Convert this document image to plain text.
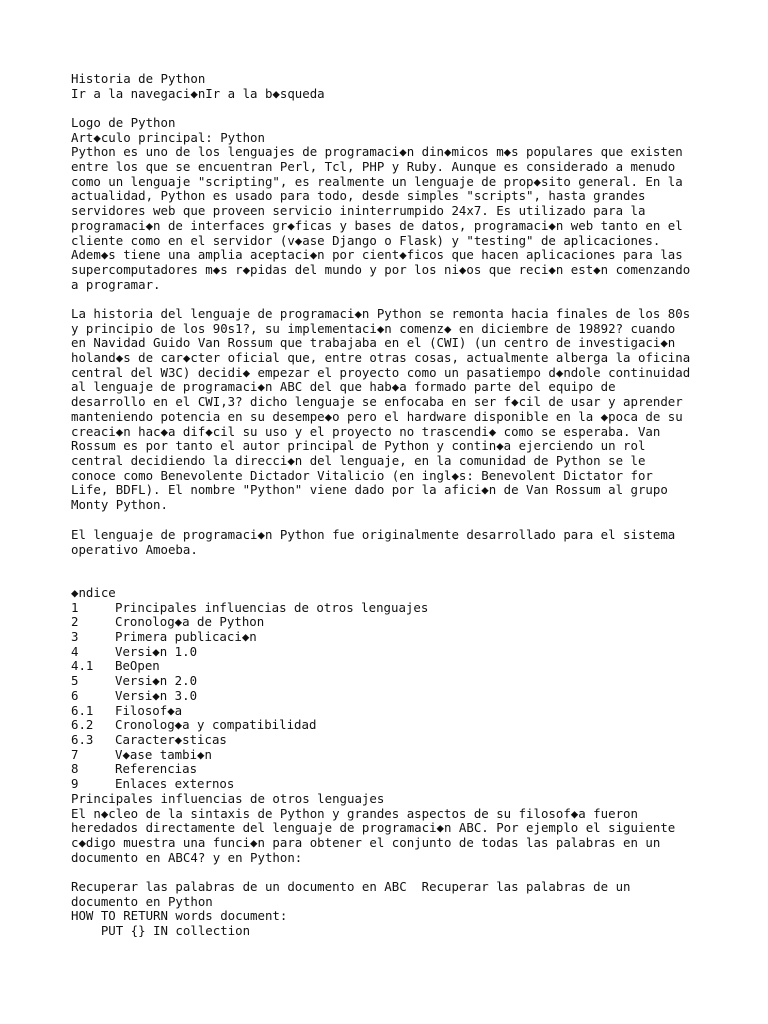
Historia de Python
Ir a la navegaci◆nIr a la b◆squeda
Logo de Python
Art◆culo principal: Python
Python es uno de los lenguajes de programaci◆n din◆micos m◆s populares que existen
entre los que se encuentran Perl, Tcl, PHP y Ruby. Aunque es considerado a menudo
como un lenguaje "scripting", es realmente un lenguaje de prop◆sito general. En la
actualidad, Python es usado para todo, desde simples "scripts", hasta grandes
servidores web que proveen servicio ininterrumpido 24x7. Es utilizado para la
programaci◆n de interfaces gr◆ficas y bases de datos, programaci◆n web tanto en el
cliente como en el servidor (v◆ase Django o Flask) y "testing" de aplicaciones.
Adem◆s tiene una amplia aceptaci◆n por cient◆ficos que hacen aplicaciones para las
supercomputadores m◆s r◆pidas del mundo y por los ni◆os que reci◆n est◆n comenzando
a programar.
La historia del lenguaje de programaci◆n Python se remonta hacia finales de los 80s
y principio de los 90s1?, su implementaci◆n comenz◆ en diciembre de 19892? cuando
en Navidad Guido Van Rossum que trabajaba en el (CWI) (un centro de investigaci◆n
holand◆s de car◆cter oficial que, entre otras cosas, actualmente alberga la oficina
central del W3C) decidi◆ empezar el proyecto como un pasatiempo d◆ndole continuidad
al lenguaje de programaci◆n ABC del que hab◆a formado parte del equipo de
desarrollo en el CWI,3? dicho lenguaje se enfocaba en ser f◆cil de usar y aprender
manteniendo potencia en su desempe◆o pero el hardware disponible en la ◆poca de su
creaci◆n hac◆a dif◆cil su uso y el proyecto no trascendi◆ como se esperaba. Van
Rossum es por tanto el autor principal de Python y contin◆a ejerciendo un rol
central decidiendo la direcci◆n del lenguaje, en la comunidad de Python se le
conoce como Benevolente Dictador Vitalicio (en ingl◆s: Benevolent Dictator for
Life, BDFL). El nombre "Python" viene dado por la afici◆n de Van Rossum al grupo
Monty Python.
El lenguaje de programaci◆n Python fue originalmente desarrollado para el sistema
operativo Amoeba.
◆ndice
1	Principales influencias de otros lenguajes
2	Cronolog◆a de Python
3	Primera publicaci◆n
4	Versi◆n 1.0
4.1 BeOpen
5	Versi◆n 2.0
6	Versi◆n 3.0
6.1 Filosof◆a
6.2 Cronolog◆a y compatibilidad
6.3 Caracter◆sticas
7	V◆ase tambi◆n
8	Referencias
9	Enlaces externos
Principales influencias de otros lenguajes
El n◆cleo de la sintaxis de Python y grandes aspectos de su filosof◆a fueron
heredados directamente del lenguaje de programaci◆n ABC. Por ejemplo el siguiente
c◆digo muestra una funci◆n para obtener el conjunto de todas las palabras en un
documento en ABC4? y en Python:
Recuperar las palabras de un documento en ABC  Recuperar las palabras de un
documento en Python
HOW TO RETURN words document:
PUT {} IN collection
